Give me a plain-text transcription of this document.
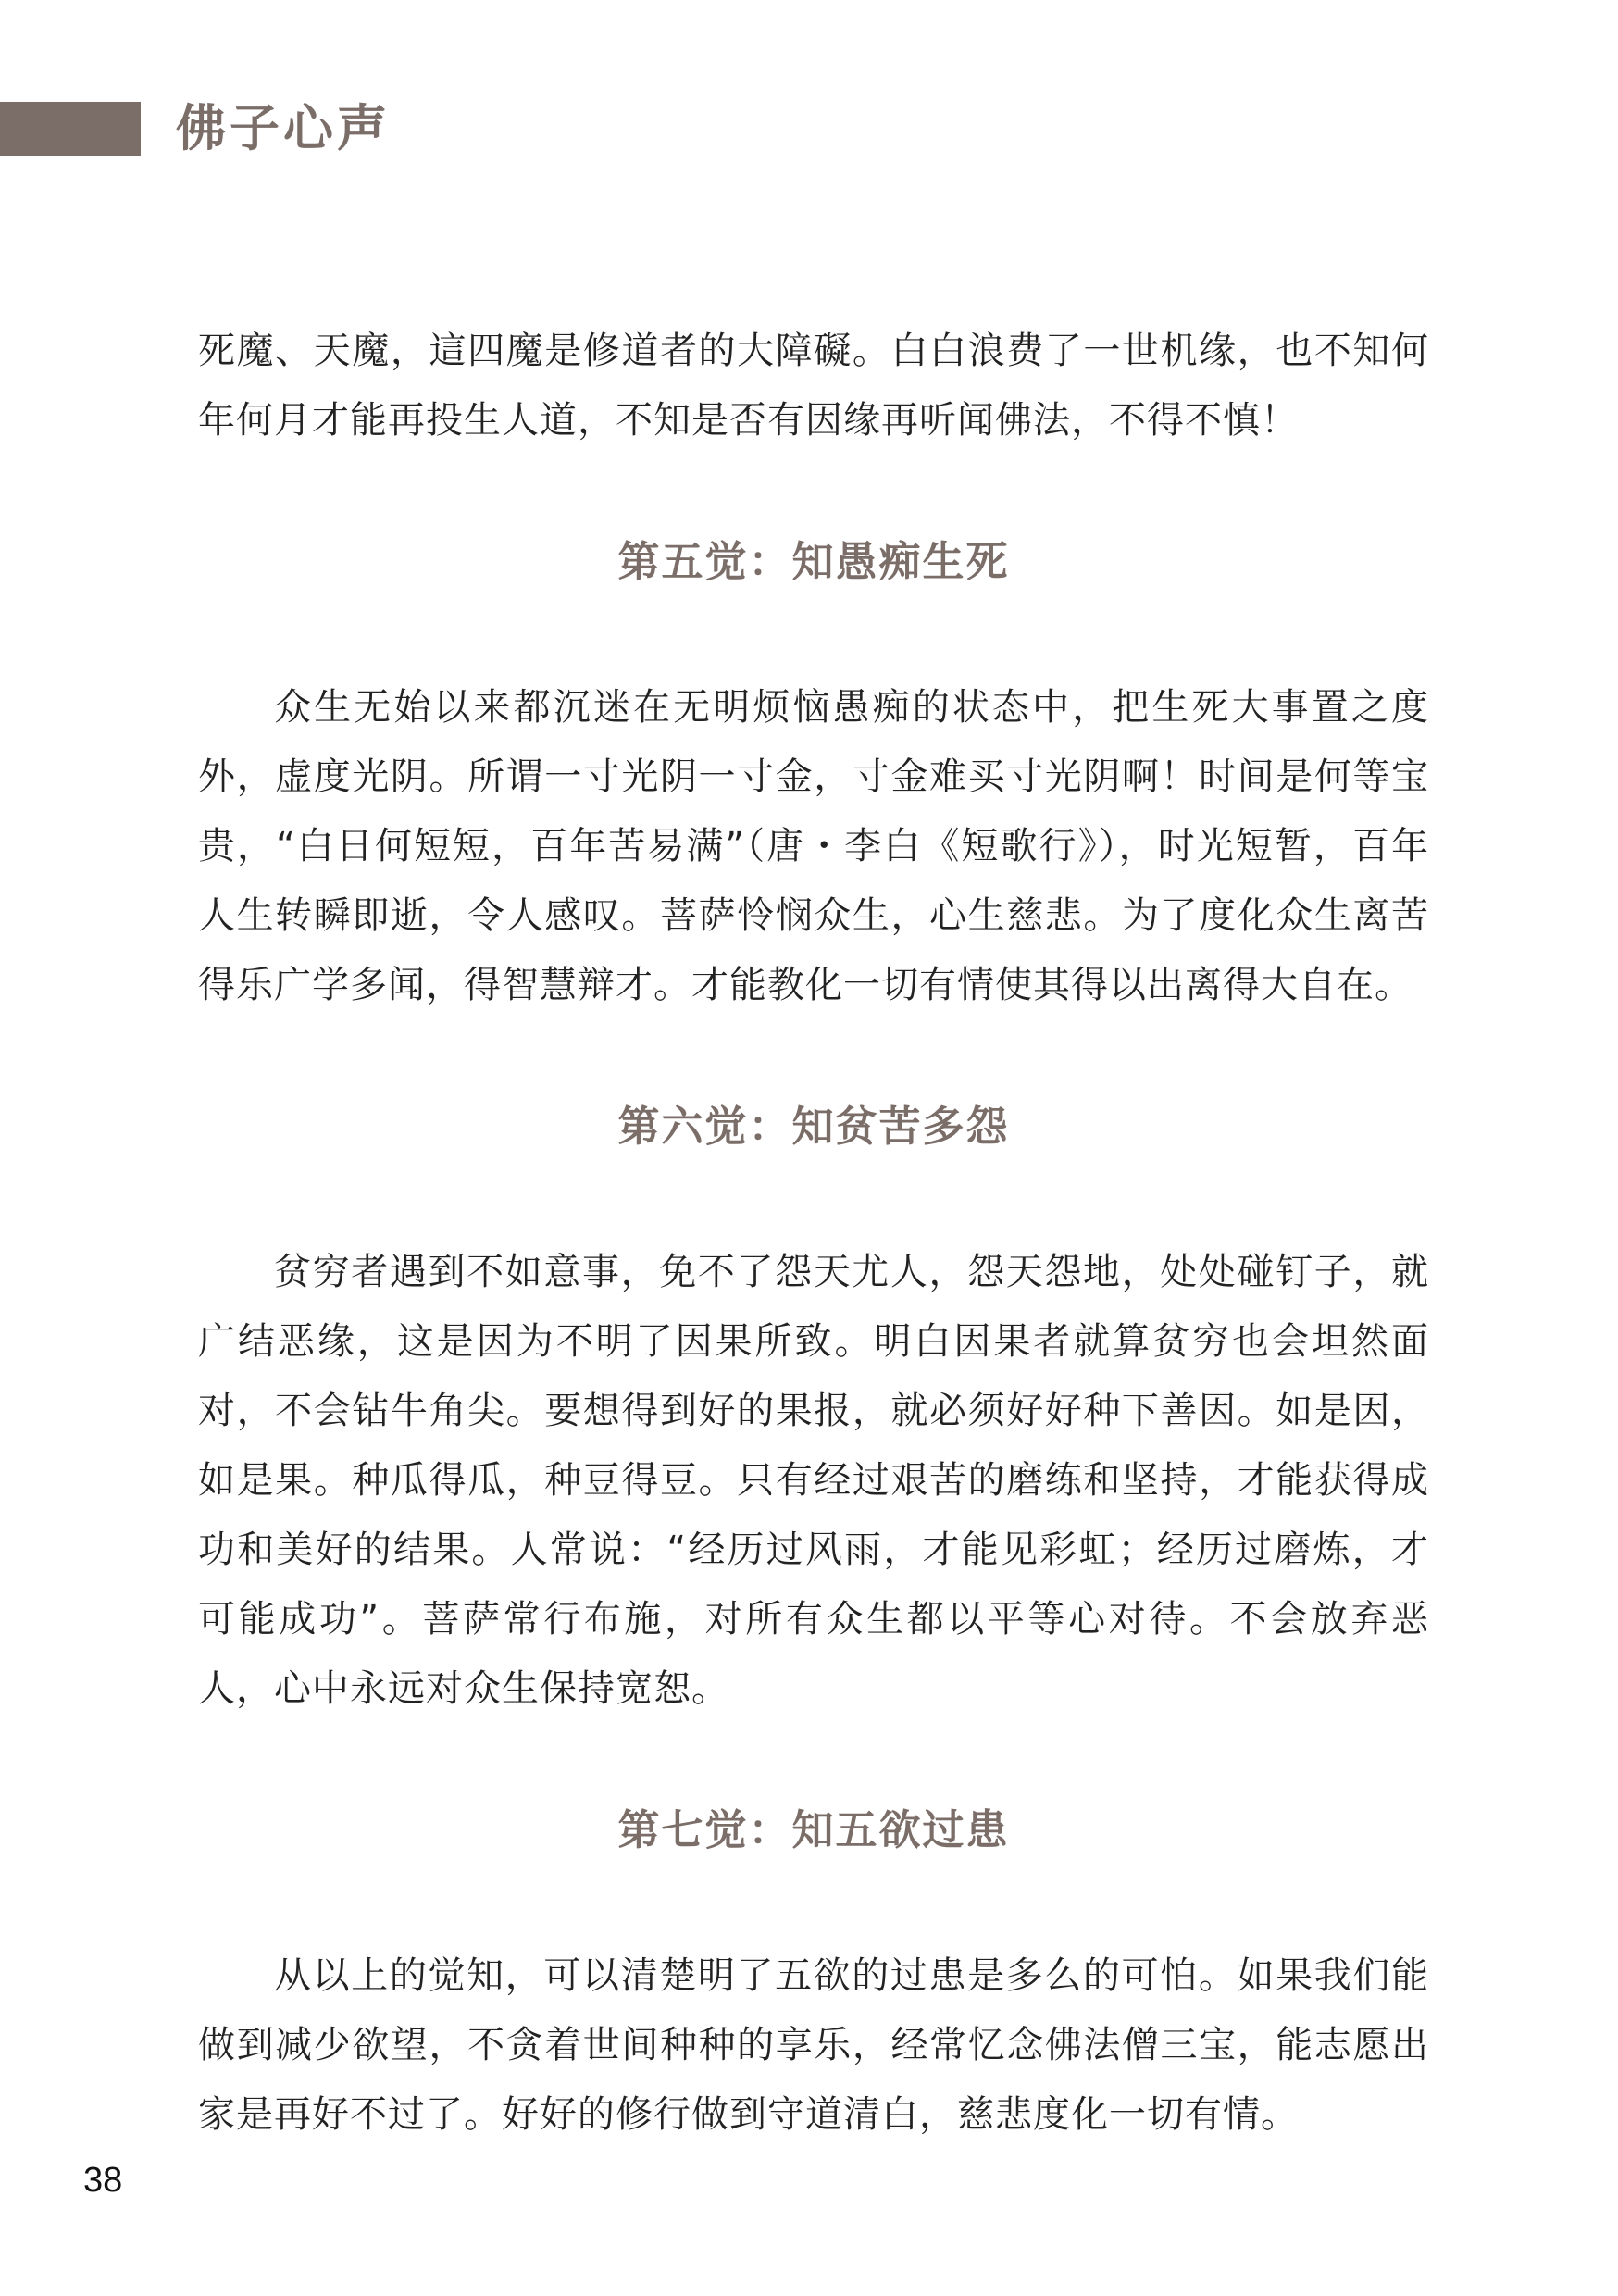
佛子心声

死魔、天魔，這四魔是修道者的大障礙。白白浪费了一世机缘，也不知何年何月才能再投生人道，不知是否有因缘再听闻佛法，不得不慎！

第五觉：知愚痴生死

众生无始以来都沉迷在无明烦恼愚痴的状态中，把生死大事置之度外，虚度光阴。所谓一寸光阴一寸金，寸金难买寸光阴啊！时间是何等宝贵，“白日何短短，百年苦易满”（唐・李白《短歌行》），时光短暂，百年人生转瞬即逝，令人感叹。菩萨怜悯众生，心生慈悲。为了度化众生离苦得乐广学多闻，得智慧辩才。才能教化一切有情使其得以出离得大自在。

第六觉：知贫苦多怨

贫穷者遇到不如意事，免不了怨天尤人，怨天怨地，处处碰钉子，就广结恶缘，这是因为不明了因果所致。明白因果者就算贫穷也会坦然面对，不会钻牛角尖。要想得到好的果报，就必须好好种下善因。如是因，如是果。种瓜得瓜，种豆得豆。只有经过艰苦的磨练和坚持，才能获得成功和美好的结果。人常说：“经历过风雨，才能见彩虹；经历过磨炼，才可能成功”。菩萨常行布施，对所有众生都以平等心对待。不会放弃恶人，心中永远对众生保持宽恕。

第七觉：知五欲过患

从以上的觉知，可以清楚明了五欲的过患是多么的可怕。如果我们能做到减少欲望，不贪着世间种种的享乐，经常忆念佛法僧三宝，能志愿出家是再好不过了。好好的修行做到守道清白，慈悲度化一切有情。

38
